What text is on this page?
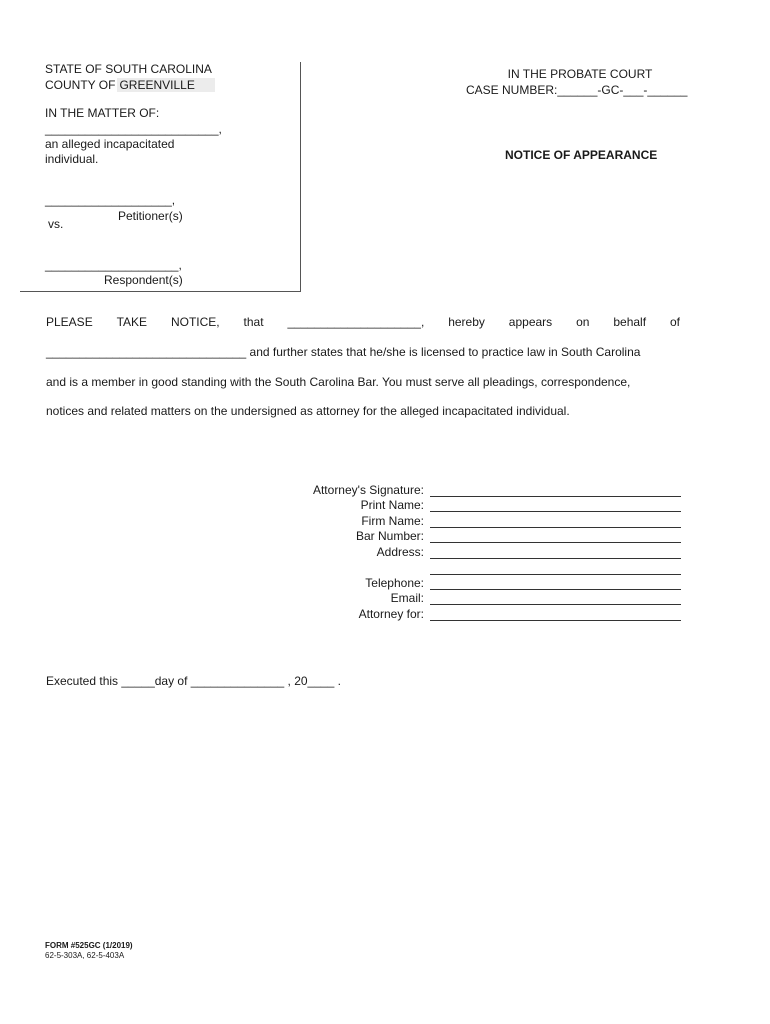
STATE OF SOUTH CAROLINA
COUNTY OF GREENVILLE
IN THE MATTER OF:
__________________________,
an alleged incapacitated
individual.
___________________,
Petitioner(s)
vs.
____________________,
Respondent(s)
IN THE PROBATE COURT
CASE NUMBER:______-GC-___-______
NOTICE OF APPEARANCE
PLEASE TAKE NOTICE, that ____________________, hereby appears on behalf of
______________________________ and further states that he/she is licensed to practice law in South Carolina
and is a member in good standing with the South Carolina Bar. You must serve all pleadings, correspondence,
notices and related matters on the undersigned as attorney for the alleged incapacitated individual.
Attorney's Signature:
Print Name:
Firm Name:
Bar Number:
Address:
Telephone:
Email:
Attorney for:
Executed this _____day of ______________ , 20____ .
FORM #525GC (1/2019)
62-5-303A, 62-5-403A
